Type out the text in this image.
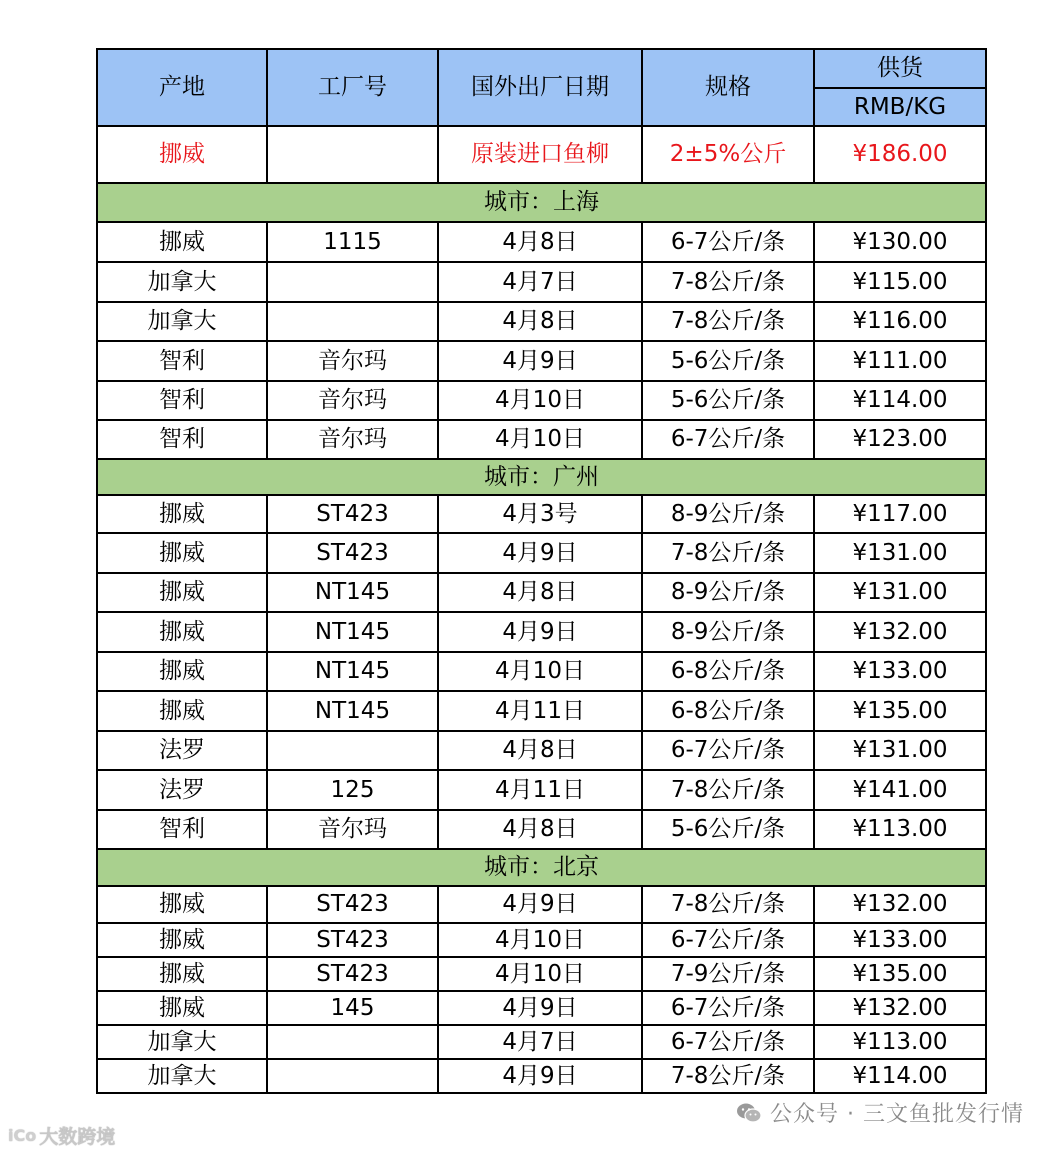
产地	工厂号	国外出厂日期	规格	供货
				RMB/KG
挪威		原装进口鱼柳	2±5%公斤	¥186.00
城市：上海				
挪威	1115	4月8日	6-7公斤/条	¥130.00
加拿大		4月7日	7-8公斤/条	¥115.00
加拿大		4月8日	7-8公斤/条	¥116.00
智利	音尔玛	4月9日	5-6公斤/条	¥111.00
智利	音尔玛	4月10日	5-6公斤/条	¥114.00
智利	音尔玛	4月10日	6-7公斤/条	¥123.00
城市：广州				
挪威	ST423	4月3号	8-9公斤/条	¥117.00
挪威	ST423	4月9日	7-8公斤/条	¥131.00
挪威	NT145	4月8日	8-9公斤/条	¥131.00
挪威	NT145	4月9日	8-9公斤/条	¥132.00
挪威	NT145	4月10日	6-8公斤/条	¥133.00
挪威	NT145	4月11日	6-8公斤/条	¥135.00
法罗		4月8日	6-7公斤/条	¥131.00
法罗	125	4月11日	7-8公斤/条	¥141.00
智利	音尔玛	4月8日	5-6公斤/条	¥113.00
城市：北京				
挪威	ST423	4月9日	7-8公斤/条	¥132.00
挪威	ST423	4月10日	6-7公斤/条	¥133.00
挪威	ST423	4月10日	7-9公斤/条	¥135.00
挪威	145	4月9日	6-7公斤/条	¥132.00
加拿大		4月7日	6-7公斤/条	¥113.00
加拿大		4月9日	7-8公斤/条	¥114.00
公众号 · 三文鱼批发行情
iCo 大数跨境
